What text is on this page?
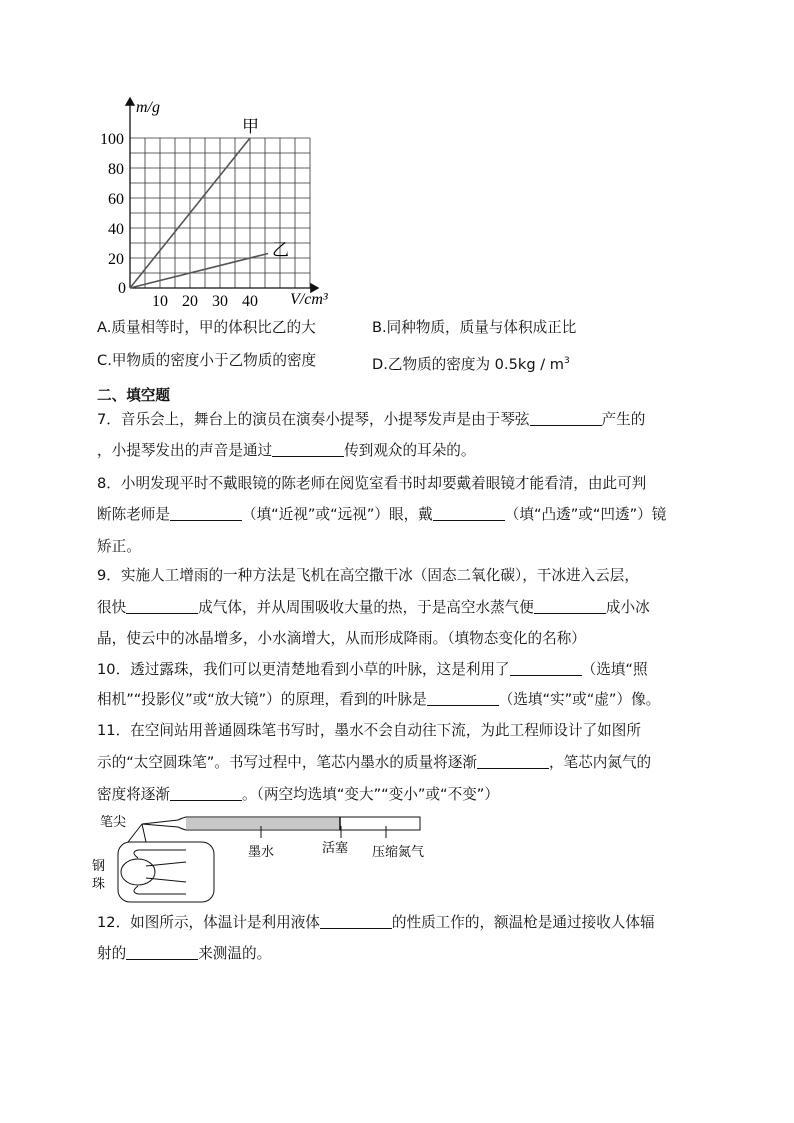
甲
乙
100
80
60
40
20
10 20 30 40
m/g
V/cm³
0
A.质量相等时，甲的体积比乙的大	B.同种物质，质量与体积成正比
C.甲物质的密度小于乙物质的密度	D.乙物质的密度为 $0.5kg / m^3$
二、填空题
7．音乐会上，舞台上的演员在演奏小提琴，小提琴发声是由于琴弦	产生的
，小提琴发出的声音是通过	传到观众的耳朵的。
8．小明发现平时不戴眼镜的陈老师在阅览室看书时却要戴着眼镜才能看清，由此可判
断陈老师是	（填“近视”或“远视”）眼，戴	（填“凸透”或“凹透”）镜
矫正。
9．实施人工增雨的一种方法是飞机在高空撒干冰（固态二氧化碳），干冰进入云层，
很快	成气体，并从周围吸收大量的热，于是高空水蒸气便	成小冰
晶，使云中的冰晶增多，小水滴增大，从而形成降雨。（填物态变化的名称）
10．透过露珠，我们可以更清楚地看到小草的叶脉，这是利用了	（选填“照
相机”“投影仪”或“放大镜”）的原理，看到的叶脉是	（选填“实”或“虚”）像。
11．在空间站用普通圆珠笔书写时，墨水不会自动往下流，为此工程师设计了如图所
示的“太空圆珠笔”。书写过程中，笔芯内墨水的质量将逐渐	，笔芯内氮气的
密度将逐渐	。（两空均选填“变大”“变小”或“不变”）
笔尖
墨水	活塞 压缩氮气
钢
珠
12．如图所示，体温计是利用液体	的性质工作的，额温枪是通过接收人体辐
射的	来测温的。
